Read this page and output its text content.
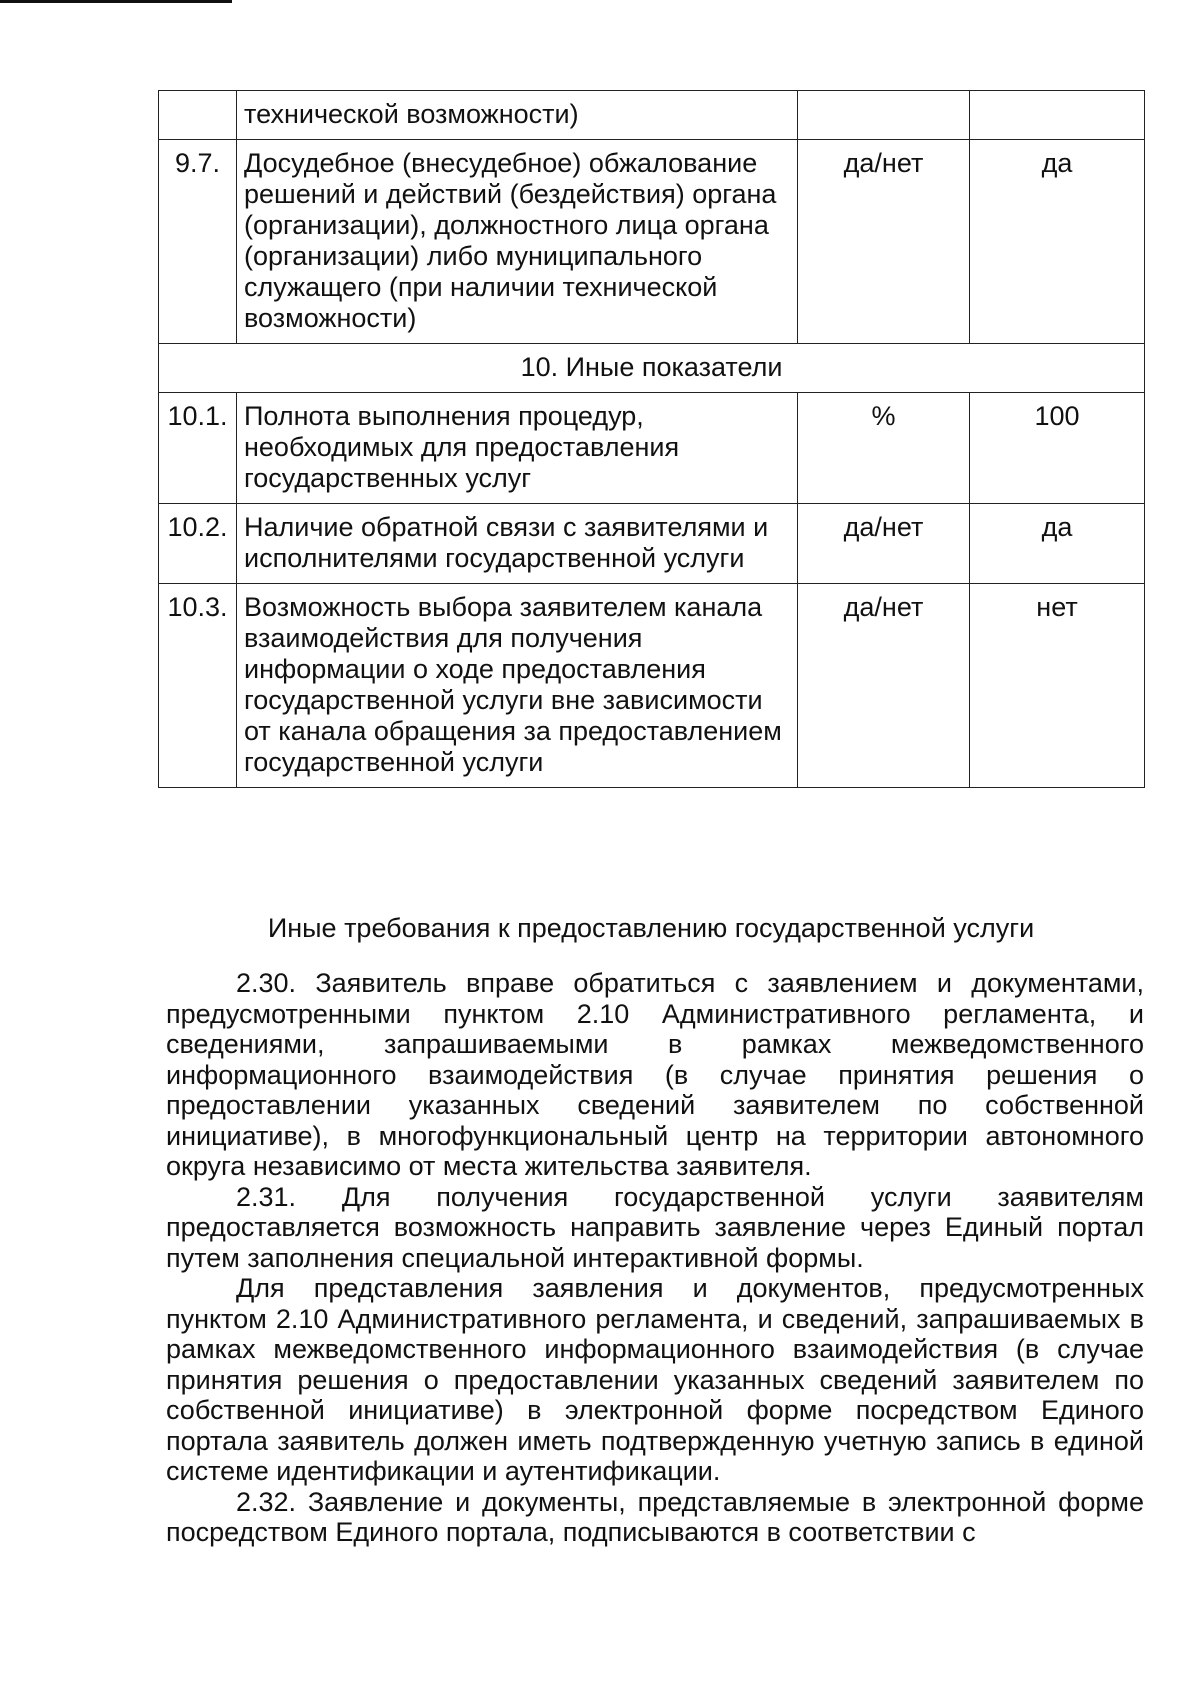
	технической возможности)		
9.7.	Досудебное (внесудебное) обжалование решений и действий (бездействия) органа (организации), должностного лица органа (организации) либо муниципального служащего (при наличии технической возможности)	да/нет	да
10. Иные показатели			
10.1.	Полнота выполнения процедур, необходимых для предоставления государственных услуг	%	100
10.2.	Наличие обратной связи с заявителями и исполнителями государственной услуги	да/нет	да
10.3.	Возможность выбора заявителем канала взаимодействия для получения информации о ходе предоставления государственной услуги вне зависимости от канала обращения за предоставлением государственной услуги	да/нет	нет
Иные требования к предоставлению государственной услуги

2.30. Заявитель вправе обратиться с заявлением и документами, предусмотренными пунктом 2.10 Административного регламента, и сведениями, запрашиваемыми в рамках межведомственного информационного взаимодействия (в случае принятия решения о предоставлении указанных сведений заявителем по собственной инициативе), в многофункциональный центр на территории автономного округа независимо от места жительства заявителя.

2.31. Для получения государственной услуги заявителям предоставляется возможность направить заявление через Единый портал путем заполнения специальной интерактивной формы.

Для представления заявления и документов, предусмотренных пунктом 2.10 Административного регламента, и сведений, запрашиваемых в рамках межведомственного информационного взаимодействия (в случае принятия решения о предоставлении указанных сведений заявителем по собственной инициативе) в электронной форме посредством Единого портала заявитель должен иметь подтвержденную учетную запись в единой системе идентификации и аутентификации.

2.32. Заявление и документы, представляемые в электронной форме посредством Единого портала, подписываются в соответствии с
